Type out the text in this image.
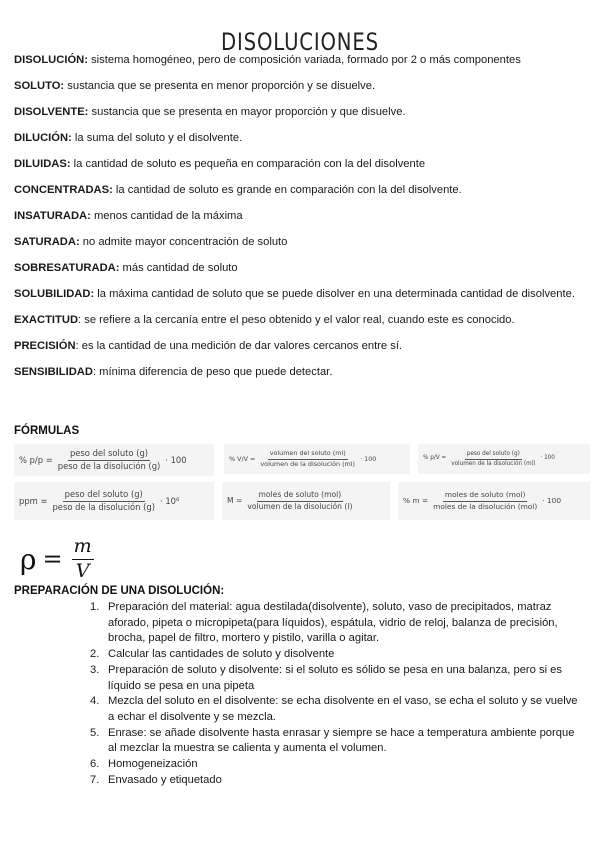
DISOLUCIONES

DISOLUCIÓN: sistema homogéneo, pero de composición variada, formado por 2 o más componentes

SOLUTO: sustancia que se presenta en menor proporción y se disuelve.

DISOLVENTE: sustancia que se presenta en mayor proporción y que disuelve.

DILUCIÓN: la suma del soluto y el disolvente.

DILUIDAS: la cantidad de soluto es pequeña en comparación con la del disolvente

CONCENTRADAS: la cantidad de soluto es grande en comparación con la del disolvente.

INSATURADA: menos cantidad de la máxima

SATURADA: no admite mayor concentración de soluto

SOBRESATURADA: más cantidad de soluto

SOLUBILIDAD: la máxima cantidad de soluto que se puede disolver en una determinada cantidad de disolvente.

EXACTITUD: se refiere a la cercanía entre el peso obtenido y el valor real, cuando este es conocido.

PRECISIÓN: es la cantidad de una medición de dar valores cercanos entre sí.

SENSIBILIDAD: mínima diferencia de peso que puede detectar.

FÓRMULAS
% $p/p = \frac{\text{peso del soluto (g)}}{\text{peso de la disolución (g)}} \cdot 100$	% $V/V = \frac{\text{volumen del soluto (ml)}}{\text{volumen de la disolución (ml)}} \cdot 100$	% $p/V = \frac{\text{peso del soluto (g)}}{\text{volumen de la disolución (ml)}} \cdot 100$
ppm = $\frac{\text{peso del soluto (g)}}{\text{peso de la disolución (g)}} \cdot 10^6$	$M = \frac{\text{moles de soluto (mol)}}{\text{volumen de la disolución (l)}}$	% $m = \frac{\text{moles de soluto (mol)}}{\text{moles de la disolución (mol)}} \cdot 100$
$\rho = \frac{m}{V}$
PREPARACIÓN DE UNA DISOLUCIÓN:
1. Preparación del material: agua destilada(disolvente), soluto, vaso de precipitados, matraz aforado, pipeta o micropipeta(para líquidos), espátula, vidrio de reloj, balanza de precisión, brocha, papel de filtro, mortero y pistilo, varilla o agitar.
2. Calcular las cantidades de soluto y disolvente
3. Preparación de soluto y disolvente: si el soluto es sólido se pesa en una balanza, pero si es líquido se pesa en una pipeta
4. Mezcla del soluto en el disolvente: se echa disolvente en el vaso, se echa el soluto y se vuelve a echar el disolvente y se mezcla.
5. Enrase: se añade disolvente hasta enrasar y siempre se hace a temperatura ambiente porque al mezclar la muestra se calienta y aumenta el volumen.
6. Homogeneización
7. Envasado y etiquetado
